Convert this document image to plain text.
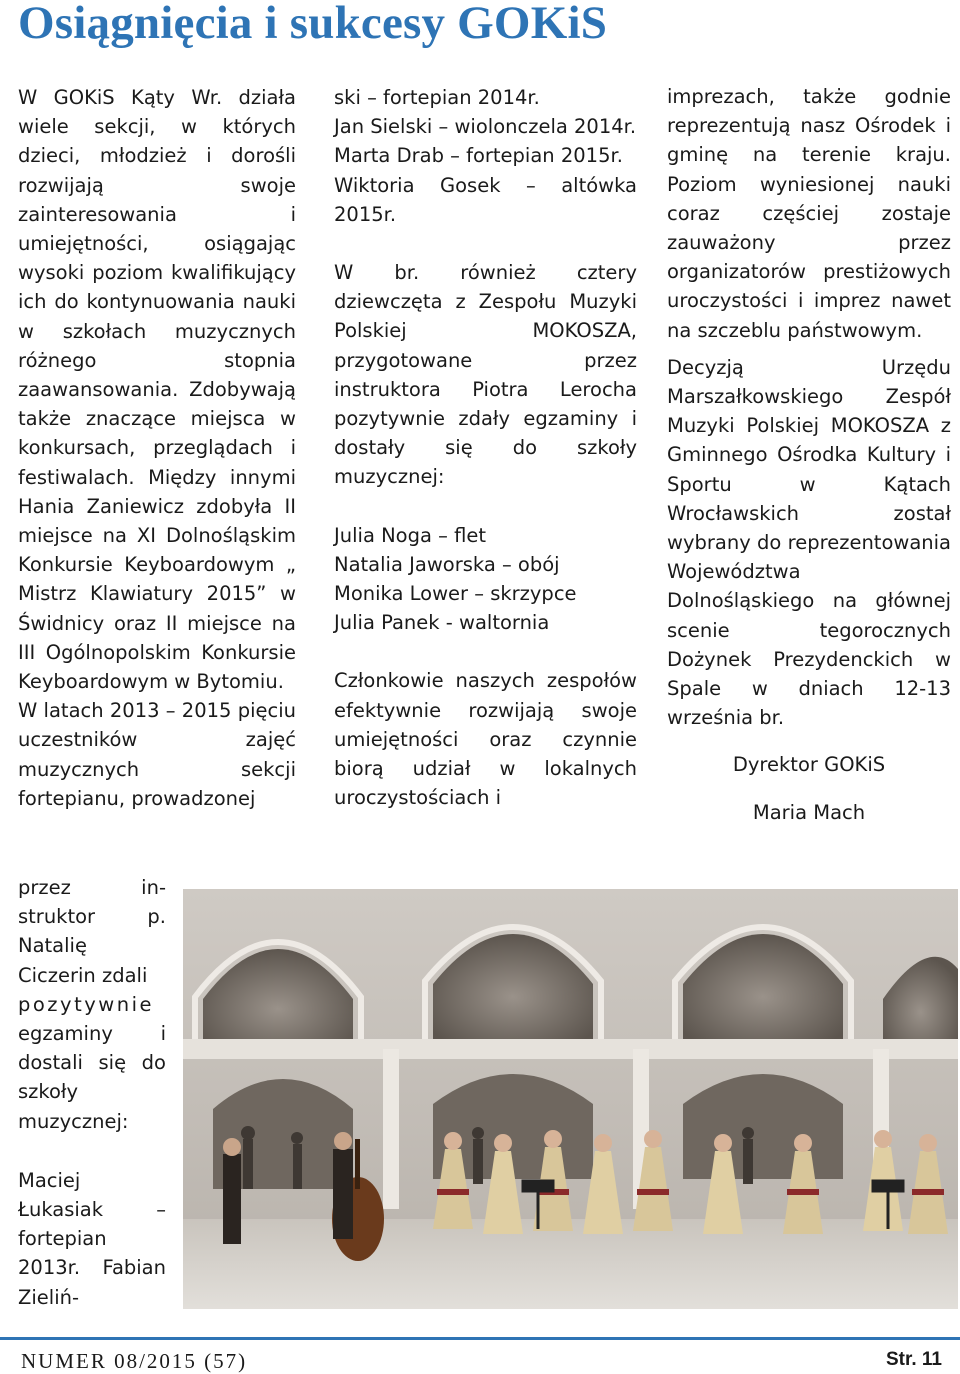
Osiągnięcia i sukcesy GOKiS

W GOKiS Kąty Wr. działa wiele sekcji, w których dzieci, młodzież i dorośli rozwijają swoje zainteresowania i umiejętności, osiągając wysoki poziom kwalifikujący ich do kontynuowania nauki w szkołach muzycznych różnego stopnia zaawansowania. Zdobywają także znaczące miejsca w konkursach, przeglądach i festiwalach. Między innymi Hania Zaniewicz zdobyła II miejsce na XI Dolnośląskim Konkursie Keyboardowym „ Mistrz Klawiatury 2015” w Świdnicy oraz II miejsce na III Ogólnopolskim Konkursie Keyboardowym w Bytomiu.

W latach 2013 – 2015 pięciu uczestników zajęć muzycznych sekcji fortepianu, prowadzonej

przez in-

struktor p. Natalię Ciczerin zdali

pozytywnie

egzaminy i dostali się do szkoły muzycznej:

Maciej Łukasiak – fortepian 2013r. Fabian Zieliń-

ski – fortepian 2014r.

Jan Sielski – wiolonczela 2014r.

Marta Drab – fortepian 2015r.

Wiktoria Gosek – altówka 2015r.

W br. również cztery dziewczęta z Zespołu Muzyki Polskiej MOKOSZA, przygotowane przez instruktora Piotra Lerocha pozytywnie zdały egzaminy i dostały się do szkoły muzycznej:

Julia Noga – flet

Natalia Jaworska – obój

Monika Lower – skrzypce

Julia Panek - waltornia

Członkowie naszych zespołów efektywnie rozwijają swoje umiejętności oraz czynnie biorą udział w lokalnych uroczystościach i

imprezach, także godnie reprezentują nasz Ośrodek i gminę na terenie kraju. Poziom wyniesionej nauki coraz częściej zostaje zauważony przez organizatorów prestiżowych uroczystości i imprez nawet na szczeblu państwowym.

Decyzją Urzędu Marszałkowskiego Zespół Muzyki Polskiej MOKOSZA z Gminnego Ośrodka Kultury i Sportu w Kątach Wrocławskich został wybrany do reprezentowania Województwa Dolnośląskiego na głównej scenie tegorocznych Dożynek Prezydenckich w Spale w dniach 12-13 września br.

Dyrektor GOKiS

Maria Mach

NUMER 08/2015 (57)	Str. 11
